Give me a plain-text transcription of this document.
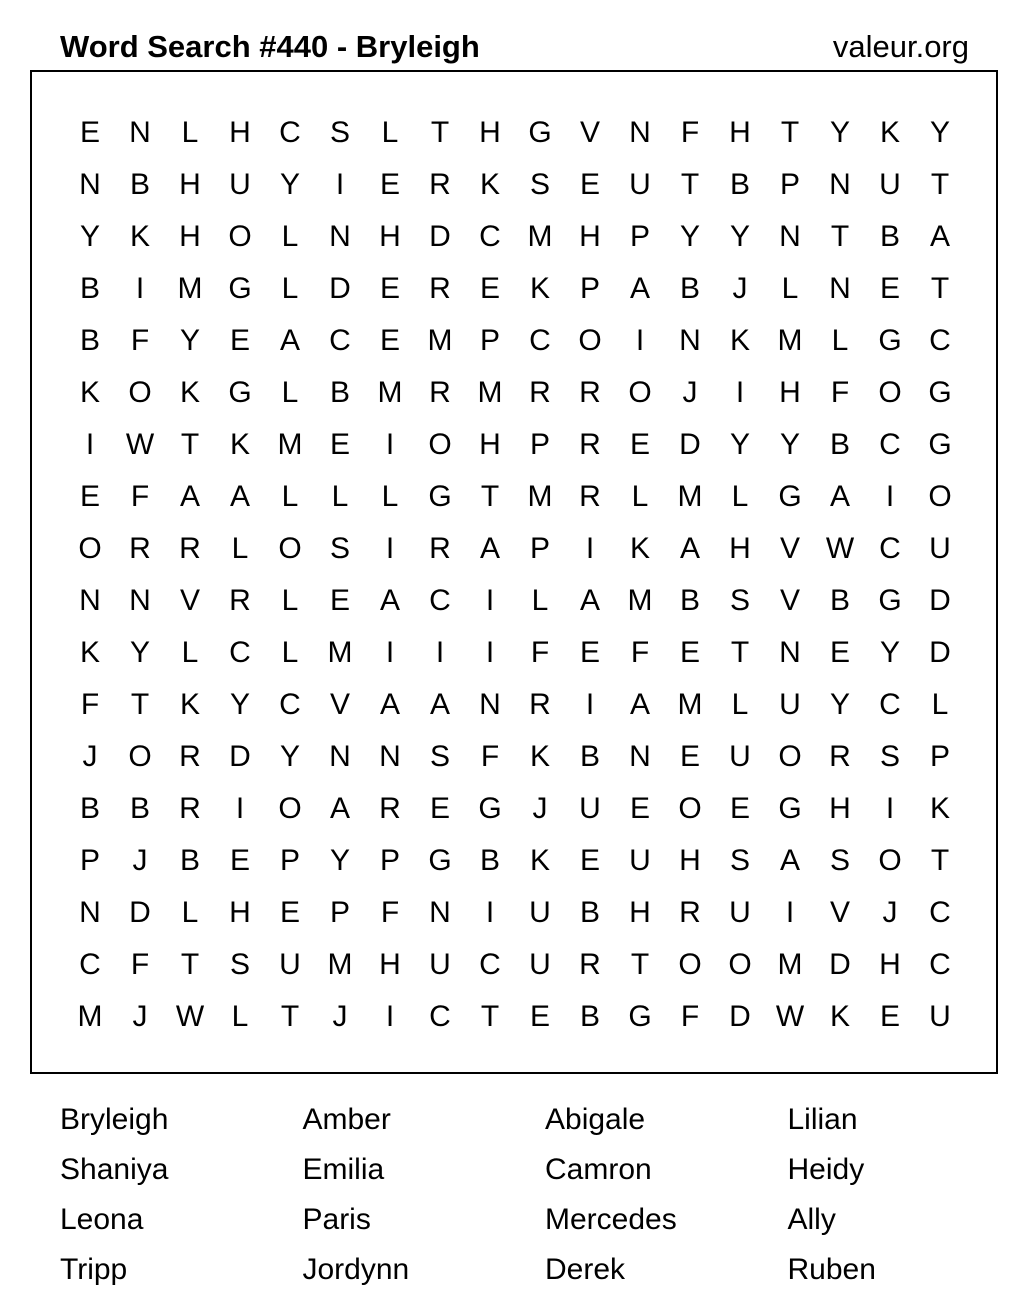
Word Search #440 - Bryleigh	valeur.org
E N	L	H C S	L	T	H G V N	F	H	T	Y K Y
N B H U Y	I	E R K S E U	T	B P N U	T
Y K H O L	N H D C M H P Y Y N	T	B A
B	I	M G L	D E R E K P A B	J	L	N E	T
B	F	Y E A C E M P C O	I	N K M L G C
K O K G L	B M R M R R O	J	I	H	F O G
I	W T	K M E	I	O H P R E D Y Y B C G
E	F	A A	L	L	L G T M R	L M L G A	I	O
O R R	L O S	I	R A P	I	K A H V W C U
N N V R	L	E A C	I	L	A M B S V B G D
K Y	L	C	L M	I	I	I	F	E	F	E	T	N E Y D
F	T	K Y C V A A N R	I	A M L	U Y C	L
J	O R D Y N N S	F	K B N E U O R S P
B B R	I	O A R E G	J	U E O E G H	I	K
P	J	B E P Y P G B K E U H S A S O T
N D	L	H E P	F	N	I	U B H R U	I	V	J	C
C	F	T	S U M H U C U R	T O O M D H C
M	J W L	T	J	I	C	T	E B G F	D W K E U
Bryleigh	Amber	Abigale	Lilian
Shaniya	Emilia	Camron	Heidy
Leona	Paris	Mercedes	Ally
Tripp	Jordynn	Derek	Ruben
